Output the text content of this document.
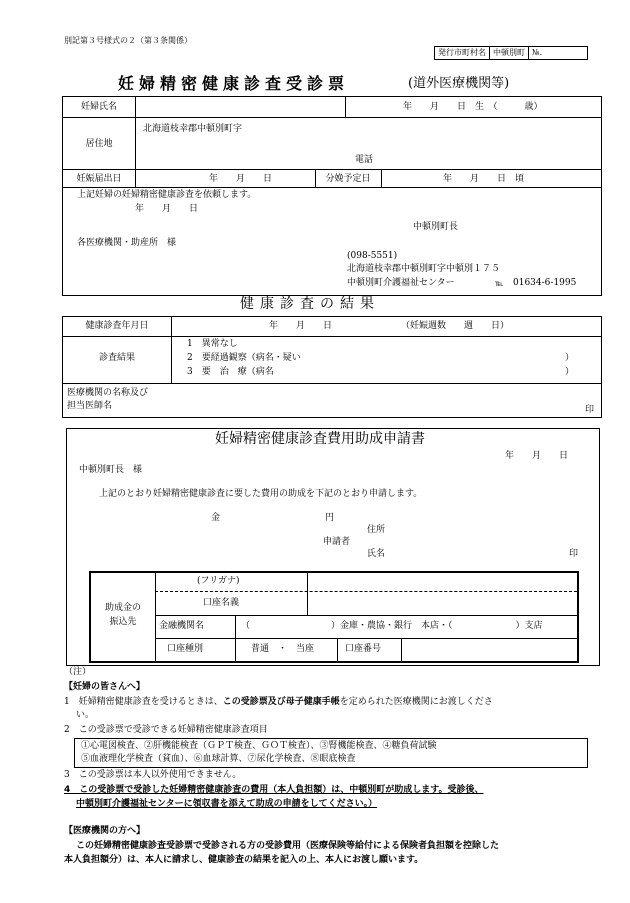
別記第３号様式の２（第３条関係）
発行市町村名	中頓別町	№.
妊婦精密健康診査受診票	(道外医療機関等)
妊婦氏名	年　　月　　日　生　（　　　歳）
居住地
北海道枝幸郡中頓別町字
電話
妊娠届出日	年　　月　　日	分娩予定日	年　　月　　日　頃
上記妊婦の妊婦精密健康診査を依頼します。
年　　月　　日
中頓別町長
各医療機関・助産所　様
(098-5551)
北海道枝幸郡中頓別町字中頓別１７５
中頓別町介護福祉センター	℡ 01634-6-1995
健康診査の結果
健康診査年月日	年　　月　　日	（妊娠週数　　週　　日）
診査結果
1　異常なし
2　要経過観察（病名・疑い
3　要　治　療（病名
）
）
医療機関の名称及び
担当医師名	印
妊婦精密健康診査費用助成申請書
年　　月　　日
中頓別町長　様
上記のとおり妊婦精密健康診査に要した費用の助成を下記のとおり申請します。
金	円
住所
申請者
氏名	印
助成金の
振込先
(フリガナ)
口座名義
金融機関名	（　　　　　　　　　）金庫・農協・銀行　本店・（　　　　　　　）支店
口座種別	普通　・　当座	口座番号
（注）
【妊婦の皆さんへ】
1　妊婦精密健康診査を受けるときは、この受診票及び母子健康手帳を定められた医療機関にお渡しくださ
い。
2　この受診票で受診できる妊婦精密健康診査項目
①心電図検査、②肝機能検査（ＧＰＴ検査、ＧＯＴ検査）、③腎機能検査、④糖負荷試験
⑤血液理化学検査（貧血）、⑥血球計算、⑦尿化学検査、⑧眼底検査
3　この受診票は本人以外使用できません。
4　この受診票で受診した妊婦精密健康診査の費用（本人負担額）は、中頓別町が助成します。受診後、
中頓別町介護福祉センターに領収書を添えて助成の申請をしてください。）
【医療機関の方へ】
この妊婦精密健康診査受診票で受診される方の受診費用（医療保険等給付による保険者負担額を控除した
本人負担額分）は、本人に請求し、健康診査の結果を記入の上、本人にお渡し願います。
